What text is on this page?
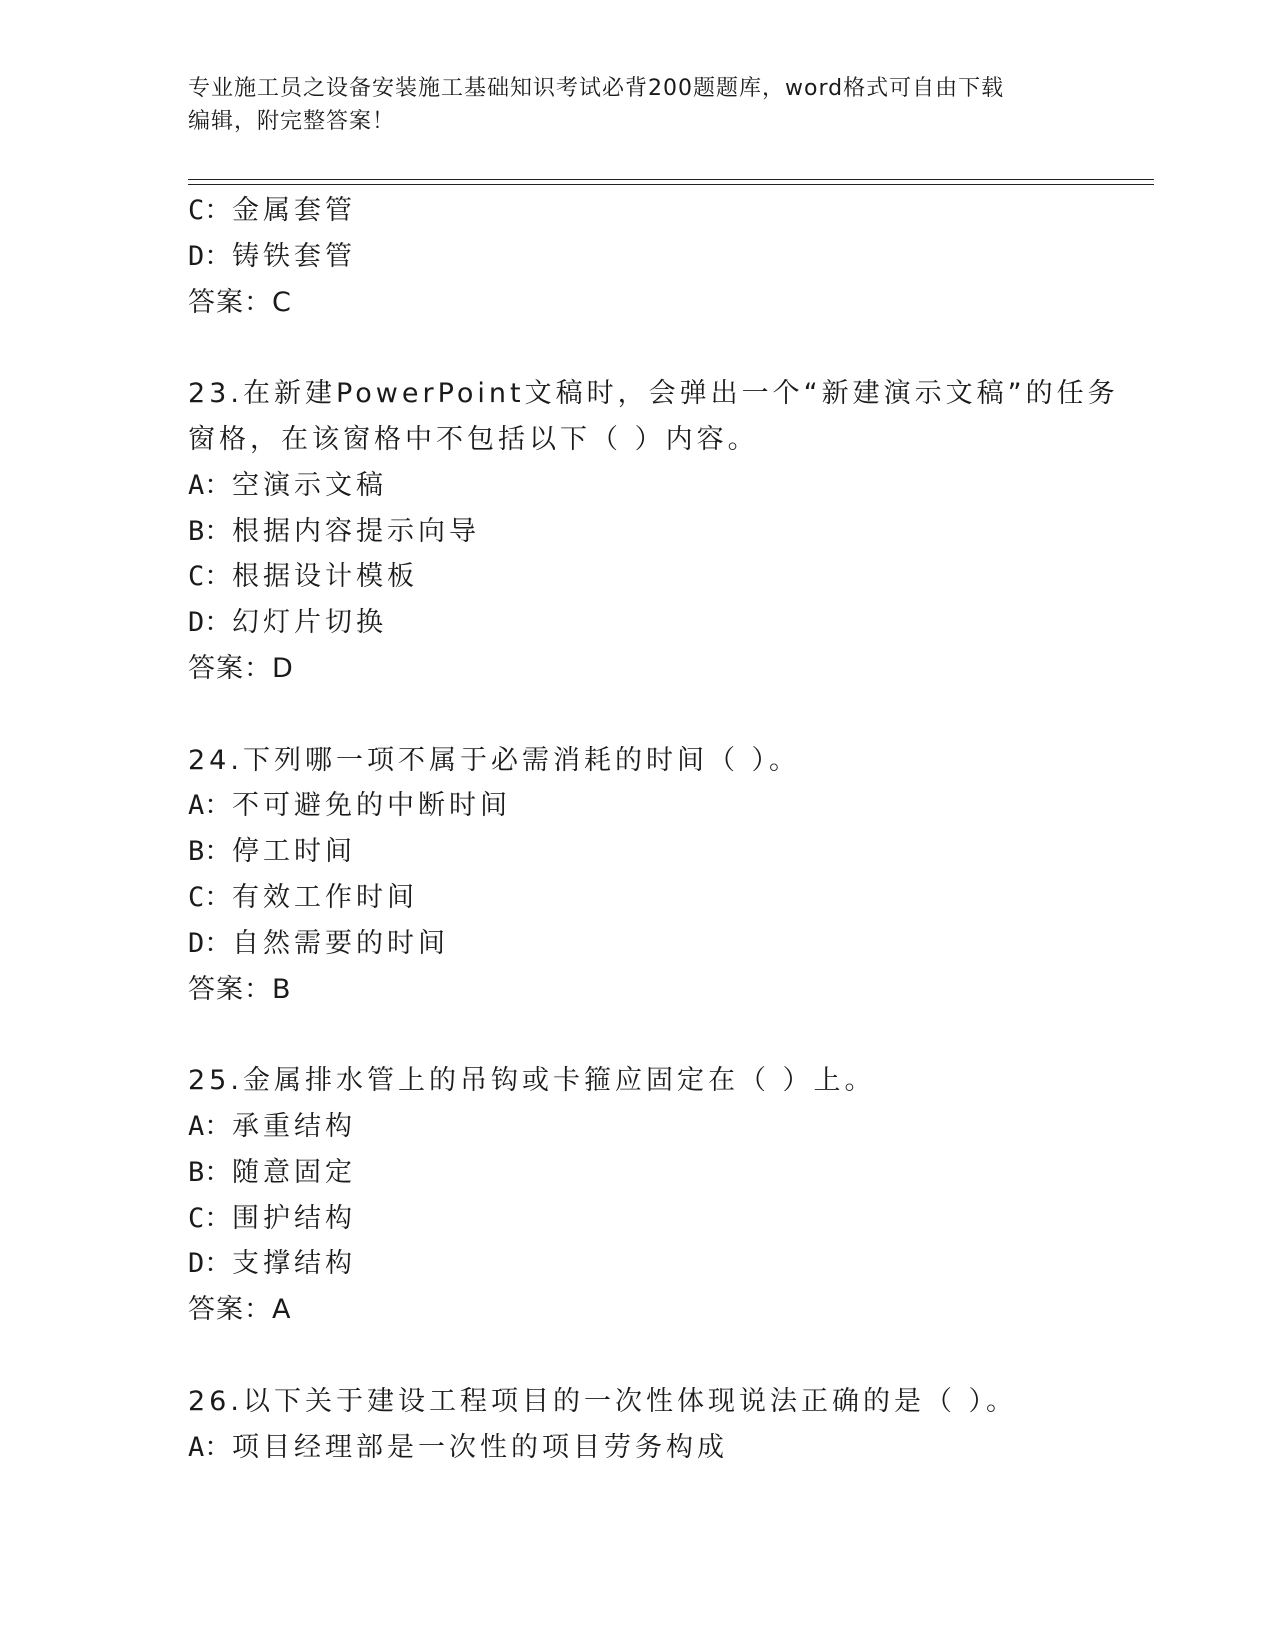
专业施工员之设备安装施工基础知识考试必背200题题库，word格式可自由下载
编辑，附完整答案！
C：金属套管
D：铸铁套管
答案：C
23.在新建PowerPoint文稿时，会弹出一个“新建演示文稿”的任务
窗格，在该窗格中不包括以下（ ）内容。
A：空演示文稿
B：根据内容提示向导
C：根据设计模板
D：幻灯片切换
答案：D
24.下列哪一项不属于必需消耗的时间（ ）。
A：不可避免的中断时间
B：停工时间
C：有效工作时间
D：自然需要的时间
答案：B
25.金属排水管上的吊钩或卡箍应固定在（ ）上。
A：承重结构
B：随意固定
C：围护结构
D：支撑结构
答案：A
26.以下关于建设工程项目的一次性体现说法正确的是（ ）。
A：项目经理部是一次性的项目劳务构成
